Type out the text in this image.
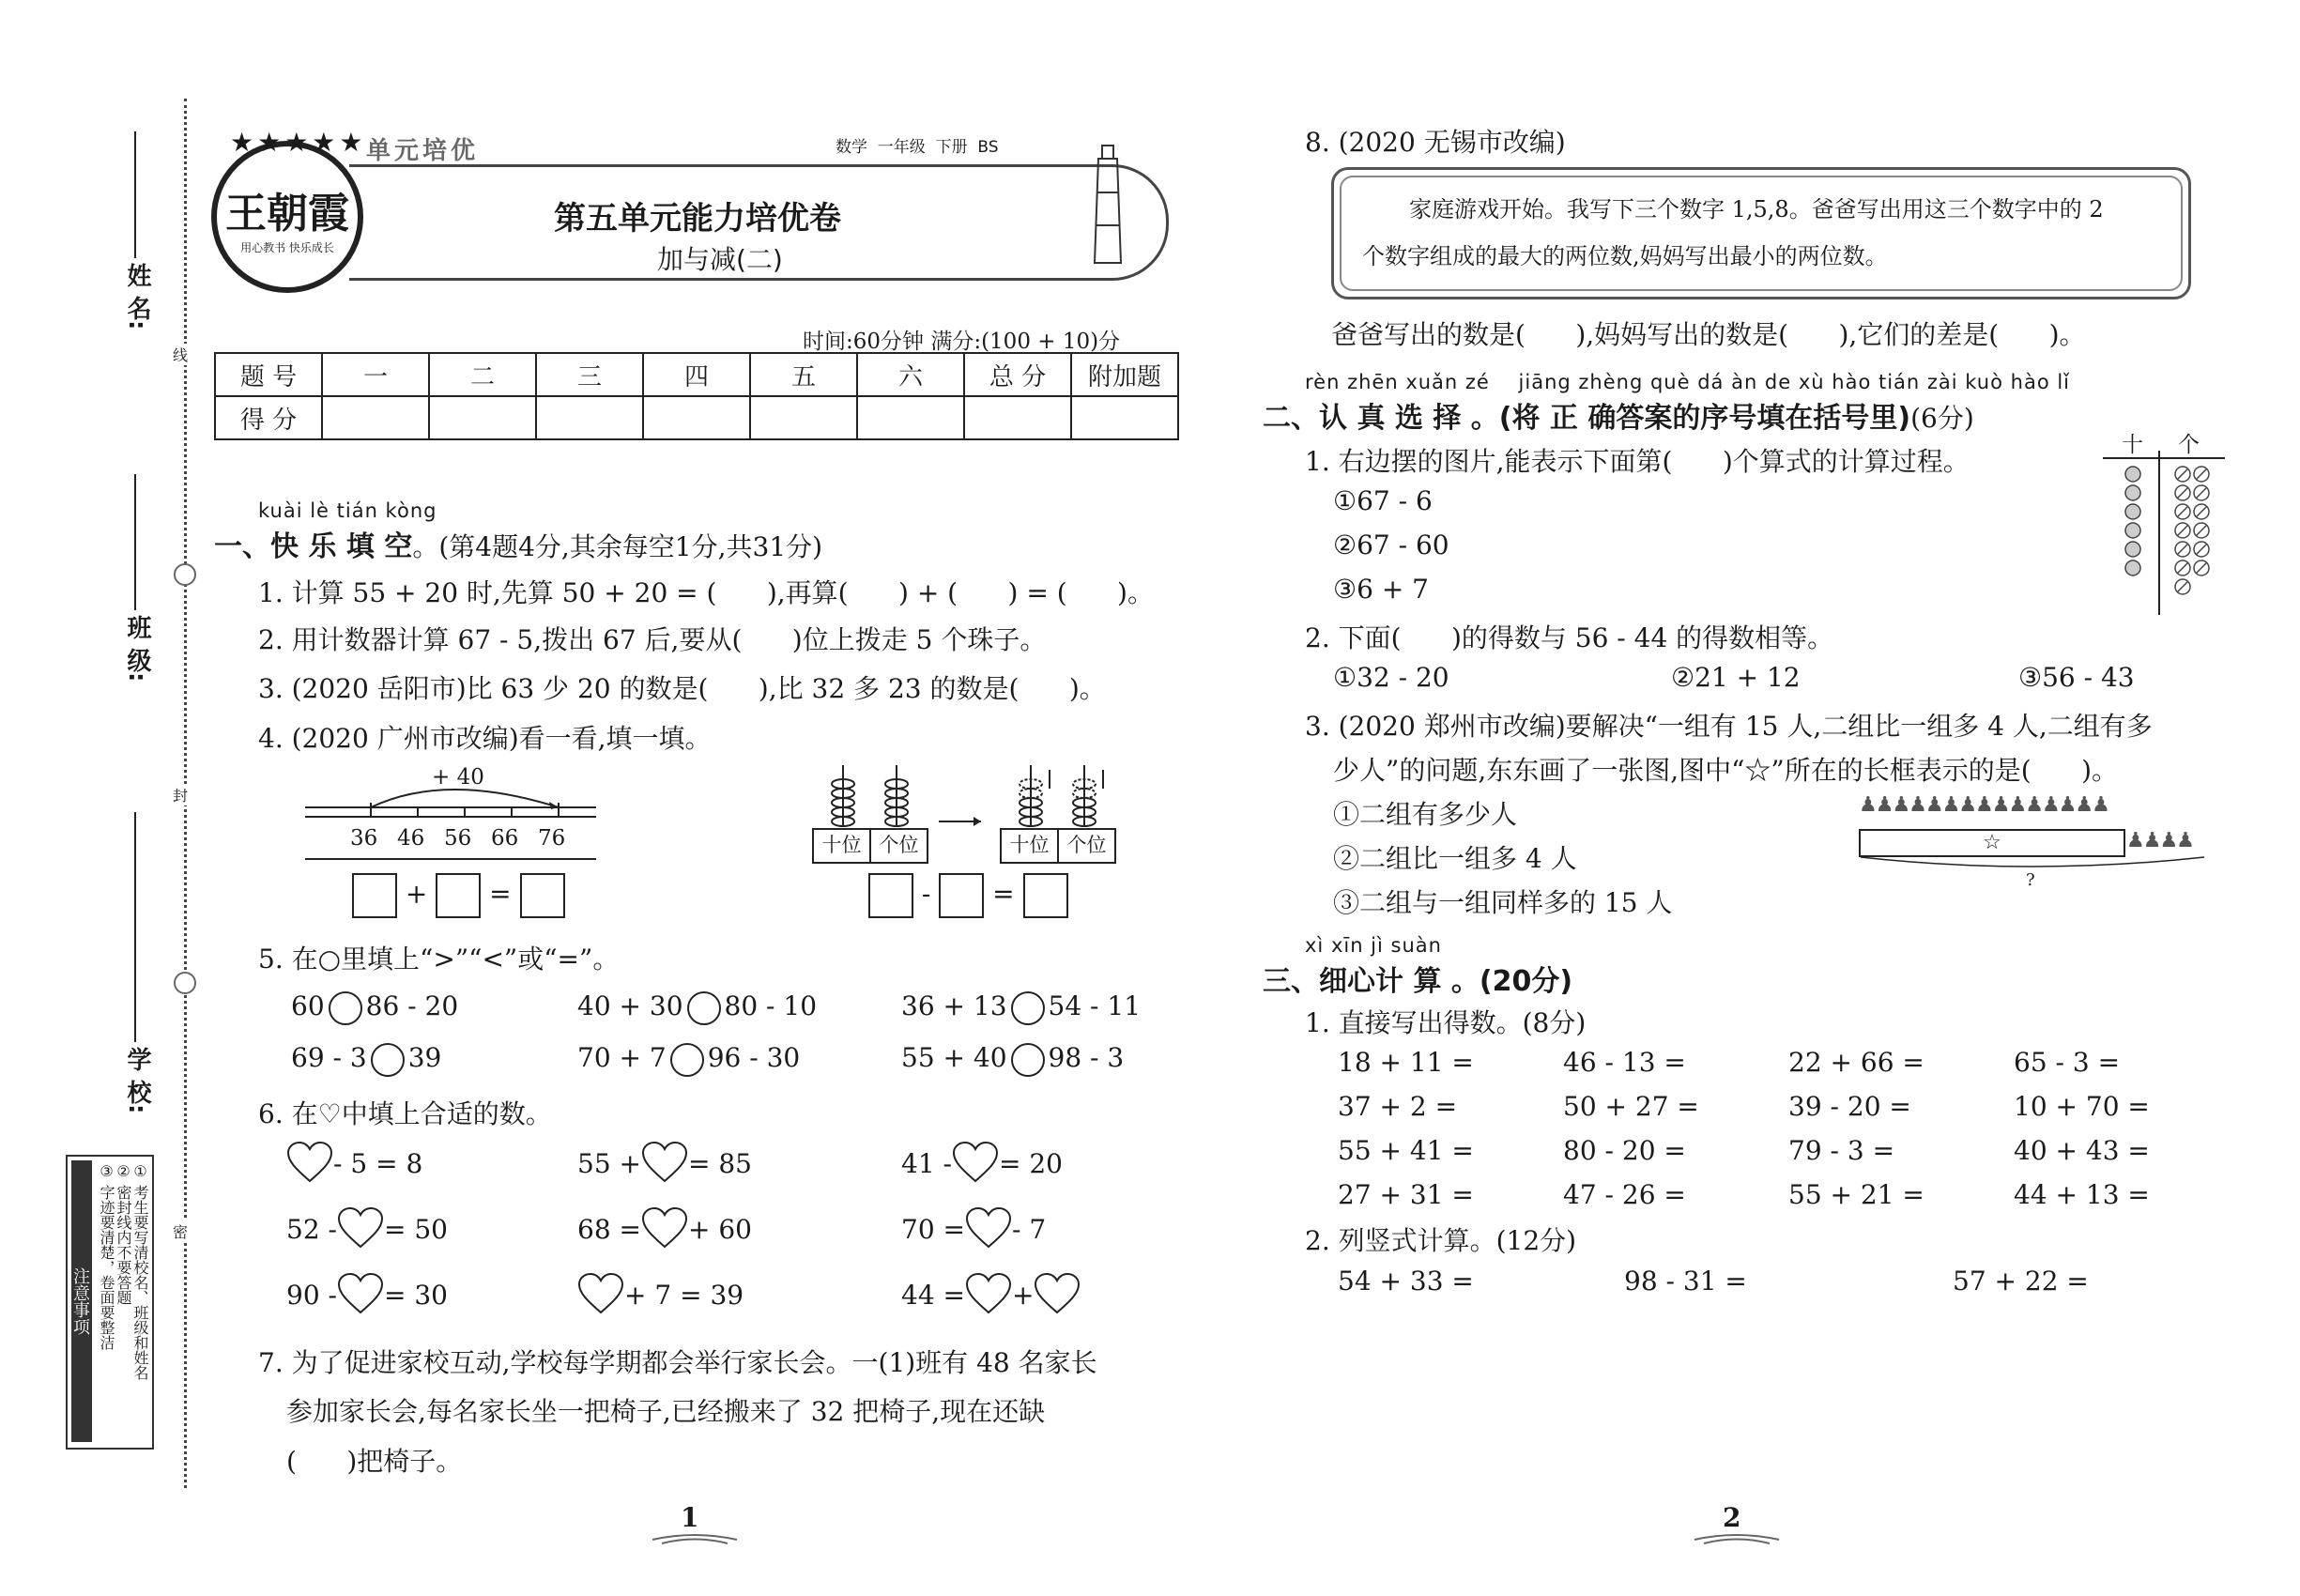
姓 名:
班 级:
学 校:
线
封
密
注意事项	① 考生要写清校名、班级和姓名
② 密封线内不要答题
③ 字迹要清楚，卷面要整洁
王朝霞
用心教书 快乐成长
★★★★★ 单元培优	数学  一年级  下册  BS
第五单元能力培优卷
加与减(二)
时间:60分钟 满分:(100 + 10)分
题 号	一	二	三	四	五	六	总 分	附加题
得 分								
kuài lè tián kòng
一、快 乐 填 空。(第4题4分,其余每空1分,共31分)
1. 计算 55 + 20 时,先算 50 + 20 = (      ),再算(      ) + (      ) = (      )。
2. 用计数器计算 67 - 5,拨出 67 后,要从(      )位上拨走 5 个珠子。
3. (2020 岳阳市)比 63 少 20 的数是(      ),比 32 多 23 的数是(      )。
4. (2020 广州市改编)看一看,填一填。
+ 40
36 46 56 66 76
+  =
十位 个位	十位 个位
-  =
5. 在○里填上“>”“<”或“=”。
60 86 - 20	40 + 30 80 - 10	36 + 13 54 - 11
69 - 3 39	70 + 7 96 - 30	55 + 40 98 - 3
6. 在♡中填上合适的数。
- 5 = 8	55 + = 85	41 - = 20
52 - = 50	68 = + 60	70 = - 7
90 - = 30	+ 7 = 39	44 = +
7. 为了促进家校互动,学校每学期都会举行家长会。一(1)班有 48 名家长
参加家长会,每名家长坐一把椅子,已经搬来了 32 把椅子,现在还缺
(      )把椅子。
1
8. (2020 无锡市改编)
家庭游戏开始。我写下三个数字 1,5,8。爸爸写出用这三个数字中的 2
个数字组成的最大的两位数,妈妈写出最小的两位数。
爸爸写出的数是(      ),妈妈写出的数是(      ),它们的差是(      )。
rèn zhēn xuǎn zé    jiāng zhèng què dá àn de xù hào tián zài kuò hào lǐ
二、认 真 选 择 。(将 正 确答案的序号填在括号里)(6分)
1. 右边摆的图片,能表示下面第(      )个算式的计算过程。
①67 - 6
②67 - 60
③6 + 7
十 个
2. 下面(      )的得数与 56 - 44 的得数相等。
①32 - 20	②21 + 12	③56 - 43
3. (2020 郑州市改编)要解决“一组有 15 人,二组比一组多 4 人,二组有多
少人”的问题,东东画了一张图,图中“☆”所在的长框表示的是(      )。
①二组有多少人
②二组比一组多 4 人
③二组与一组同样多的 15 人
♟♟♟♟♟♟♟♟♟♟♟♟♟♟♟
☆	♟♟♟♟
?
xì xīn jì suàn
三、细心计 算 。(20分)
1. 直接写出得数。(8分)
18 + 11 =	46 - 13 =	22 + 66 =	65 - 3 =
37 + 2 =	50 + 27 =	39 - 20 =	10 + 70 =
55 + 41 =	80 - 20 =	79 - 3 =	40 + 43 =
27 + 31 =	47 - 26 =	55 + 21 =	44 + 13 =
2. 列竖式计算。(12分)
54 + 33 =	98 - 31 =	57 + 22 =
2
